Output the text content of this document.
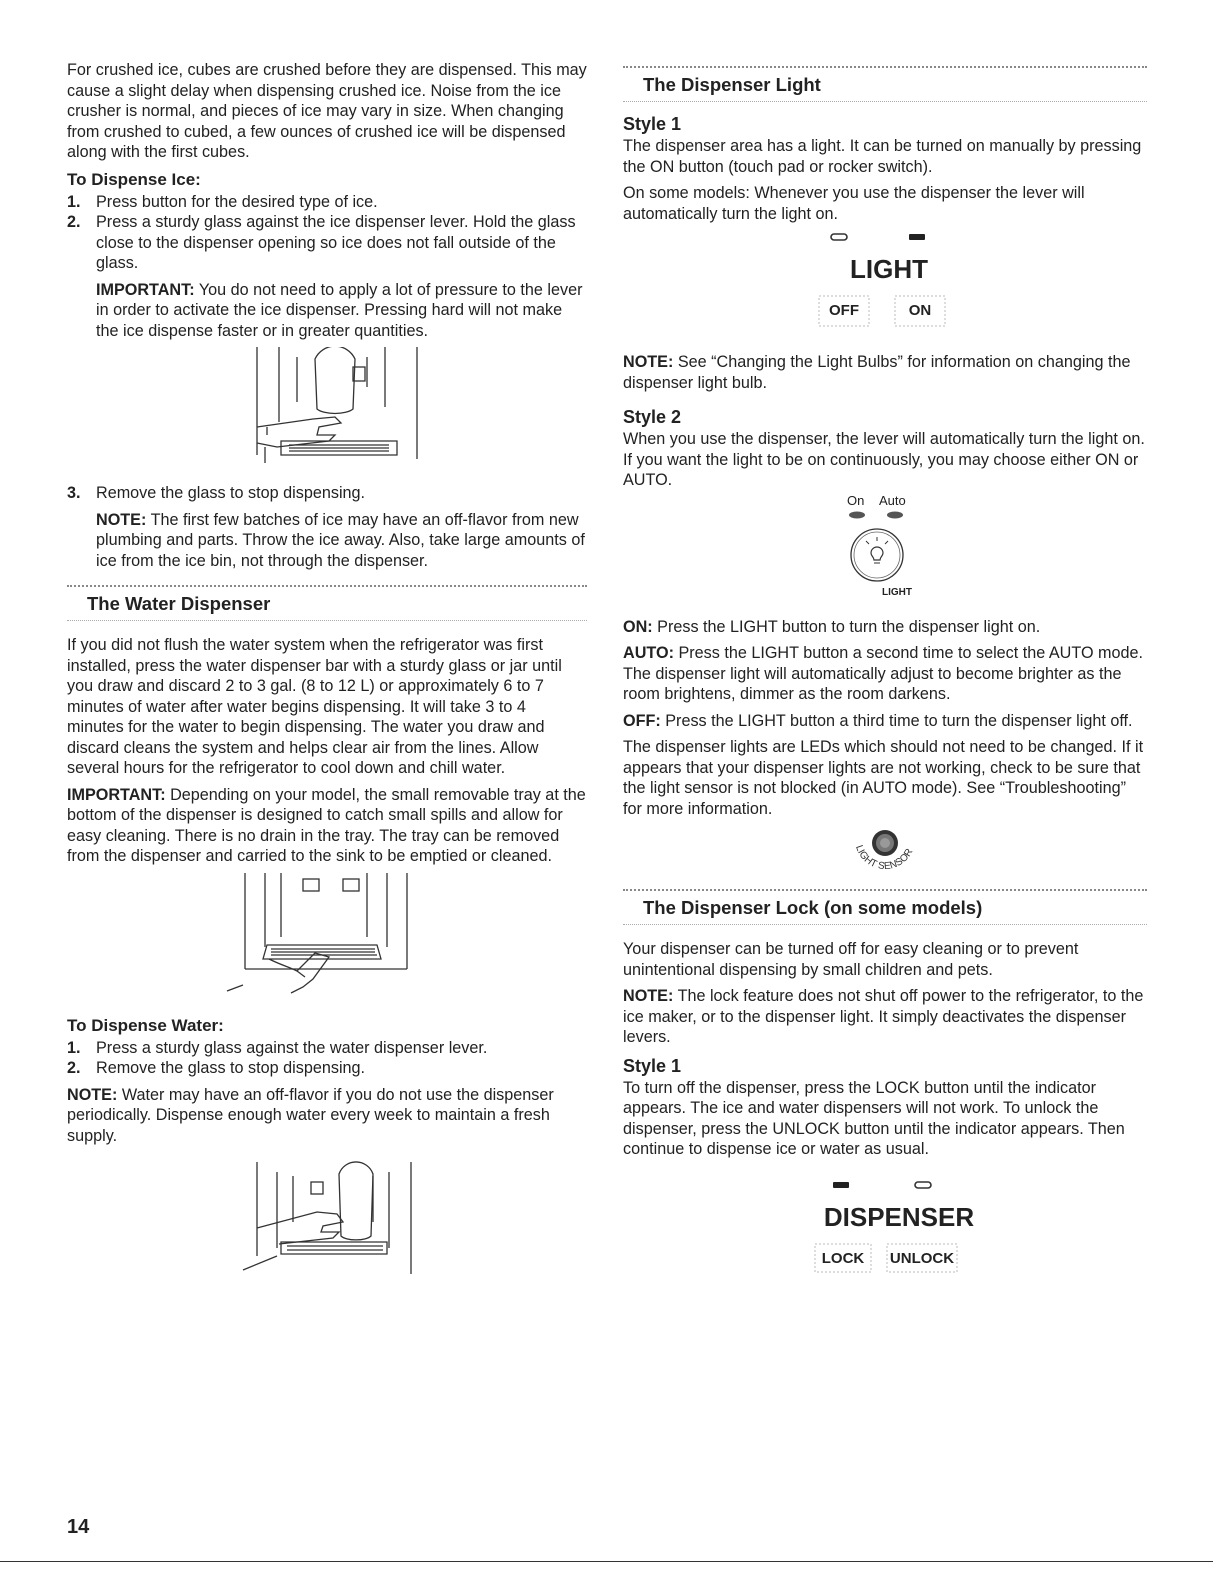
For crushed ice, cubes are crushed before they are dispensed. This may cause a slight delay when dispensing crushed ice. Noise from the ice crusher is normal, and pieces of ice may vary in size. When changing from crushed to cubed, a few ounces of crushed ice will be dispensed along with the first cubes.

To Dispense Ice:
1. Press button for the desired type of ice.
2. Press a sturdy glass against the ice dispenser lever. Hold the glass close to the dispenser opening so ice does not fall outside of the glass.

IMPORTANT: You do not need to apply a lot of pressure to the lever in order to activate the ice dispenser. Pressing hard will not make the ice dispense faster or in greater quantities.

3. Remove the glass to stop dispensing.

NOTE: The first few batches of ice may have an off-flavor from new plumbing and parts. Throw the ice away. Also, take large amounts of ice from the ice bin, not through the dispenser.

The Water Dispenser

If you did not flush the water system when the refrigerator was first installed, press the water dispenser bar with a sturdy glass or jar until you draw and discard 2 to 3 gal. (8 to 12 L) or approximately 6 to 7 minutes of water after water begins dispensing. It will take 3 to 4 minutes for the water to begin dispensing. The water you draw and discard cleans the system and helps clear air from the lines. Allow several hours for the refrigerator to cool down and chill water.

IMPORTANT: Depending on your model, the small removable tray at the bottom of the dispenser is designed to catch small spills and allow for easy cleaning. There is no drain in the tray. The tray can be removed from the dispenser and carried to the sink to be emptied or cleaned.

To Dispense Water:
1. Press a sturdy glass against the water dispenser lever.
2. Remove the glass to stop dispensing.

NOTE: Water may have an off-flavor if you do not use the dispenser periodically. Dispense enough water every week to maintain a fresh supply.

The Dispenser Light
Style 1

The dispenser area has a light. It can be turned on manually by pressing the ON button (touch pad or rocker switch).

On some models: Whenever you use the dispenser the lever will automatically turn the light on.

LIGHT
OFF	ON

NOTE: See “Changing the Light Bulbs” for information on changing the dispenser light bulb.

Style 2

When you use the dispenser, the lever will automatically turn the light on. If you want the light to be on continuously, you may choose either ON or AUTO.

On Auto
LIGHT

ON: Press the LIGHT button to turn the dispenser light on.

AUTO: Press the LIGHT button a second time to select the AUTO mode. The dispenser light will automatically adjust to become brighter as the room brightens, dimmer as the room darkens.

OFF: Press the LIGHT button a third time to turn the dispenser light off.

The dispenser lights are LEDs which should not need to be changed. If it appears that your dispenser lights are not working, check to be sure that the light sensor is not blocked (in AUTO mode). See “Troubleshooting” for more information.

LIGHT SENSOR
The Dispenser Lock (on some models)

Your dispenser can be turned off for easy cleaning or to prevent unintentional dispensing by small children and pets.

NOTE: The lock feature does not shut off power to the refrigerator, to the ice maker, or to the dispenser light. It simply deactivates the dispenser levers.

Style 1

To turn off the dispenser, press the LOCK button until the indicator appears. The ice and water dispensers will not work. To unlock the dispenser, press the UNLOCK button until the indicator appears. Then continue to dispense ice or water as usual.

DISPENSER
LOCK	UNLOCK
14
